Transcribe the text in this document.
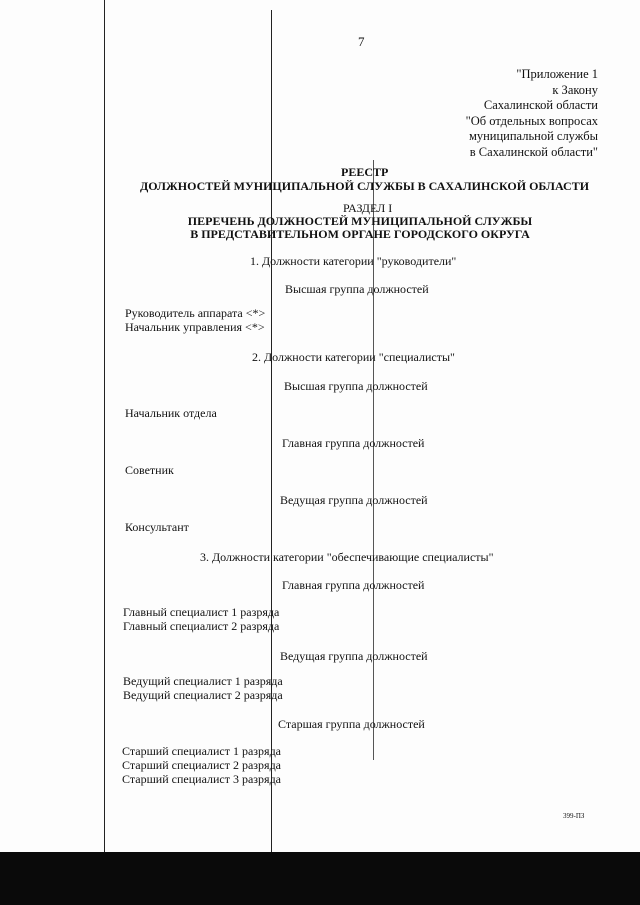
7
"Приложение 1
к Закону
Сахалинской области
"Об отдельных вопросах
муниципальной службы
в Сахалинской области"
РЕЕСТР
ДОЛЖНОСТЕЙ МУНИЦИПАЛЬНОЙ СЛУЖБЫ В САХАЛИНСКОЙ ОБЛАСТИ
РАЗДЕЛ I
ПЕРЕЧЕНЬ ДОЛЖНОСТЕЙ МУНИЦИПАЛЬНОЙ СЛУЖБЫ
В ПРЕДСТАВИТЕЛЬНОМ ОРГАНЕ ГОРОДСКОГО ОКРУГА
1. Должности категории "руководители"
Высшая группа должностей
Руководитель аппарата <*>
Начальник управления <*>
2. Должности категории "специалисты"
Высшая группа должностей
Начальник отдела
Главная группа должностей
Советник
Ведущая группа должностей
Консультант
3. Должности категории "обеспечивающие специалисты"
Главная группа должностей
Главный специалист 1 разряда
Главный специалист 2 разряда
Ведущая группа должностей
Ведущий специалист 1 разряда
Ведущий специалист 2 разряда
Старшая группа должностей
Старший специалист 1 разряда
Старший специалист 2 разряда
Старший специалист 3 разряда
399-ПЗ
